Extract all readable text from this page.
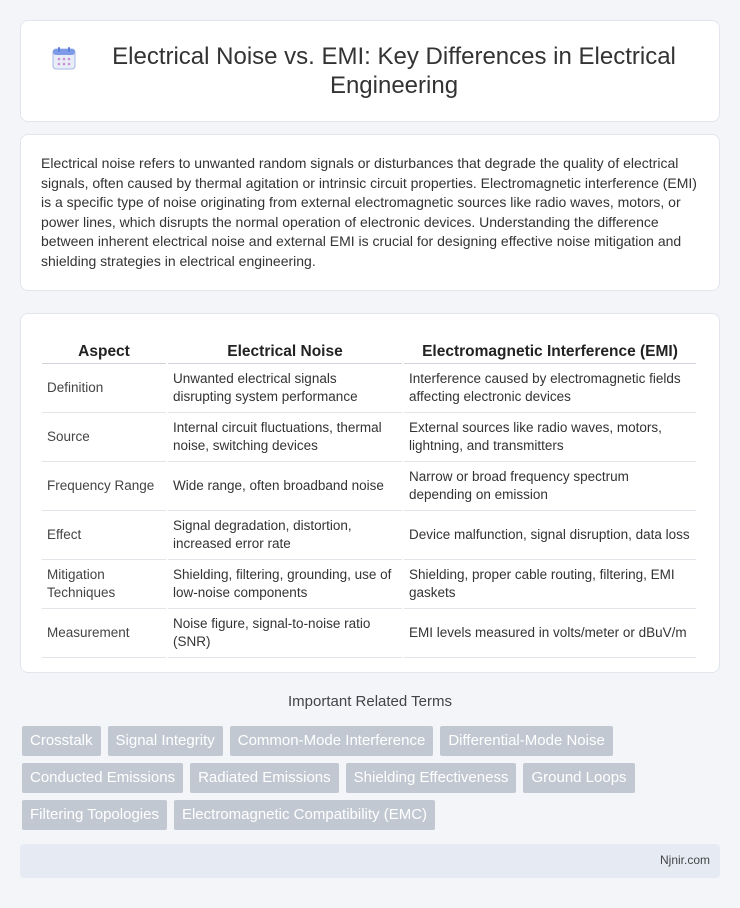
Electrical Noise vs. EMI: Key Differences in Electrical Engineering

Electrical noise refers to unwanted random signals or disturbances that degrade the quality of electrical signals, often caused by thermal agitation or intrinsic circuit properties. Electromagnetic interference (EMI) is a specific type of noise originating from external electromagnetic sources like radio waves, motors, or power lines, which disrupts the normal operation of electronic devices. Understanding the difference between inherent electrical noise and external EMI is crucial for designing effective noise mitigation and shielding strategies in electrical engineering.

Aspect	Electrical Noise	Electromagnetic Interference (EMI)
Definition	Unwanted electrical signals disrupting system performance	Interference caused by electromagnetic fields affecting electronic devices
Source	Internal circuit fluctuations, thermal noise, switching devices	External sources like radio waves, motors, lightning, and transmitters
Frequency Range	Wide range, often broadband noise	Narrow or broad frequency spectrum depending on emission
Effect	Signal degradation, distortion, increased error rate	Device malfunction, signal disruption, data loss
Mitigation Techniques	Shielding, filtering, grounding, use of low-noise components	Shielding, proper cable routing, filtering, EMI gaskets
Measurement	Noise figure, signal-to-noise ratio (SNR)	EMI levels measured in volts/meter or dBuV/m
Important Related Terms
Crosstalk	Signal Integrity	Common-Mode Interference	Differential-Mode Noise
Conducted Emissions	Radiated Emissions	Shielding Effectiveness	Ground Loops
Filtering Topologies	Electromagnetic Compatibility (EMC)
Njnir.com
